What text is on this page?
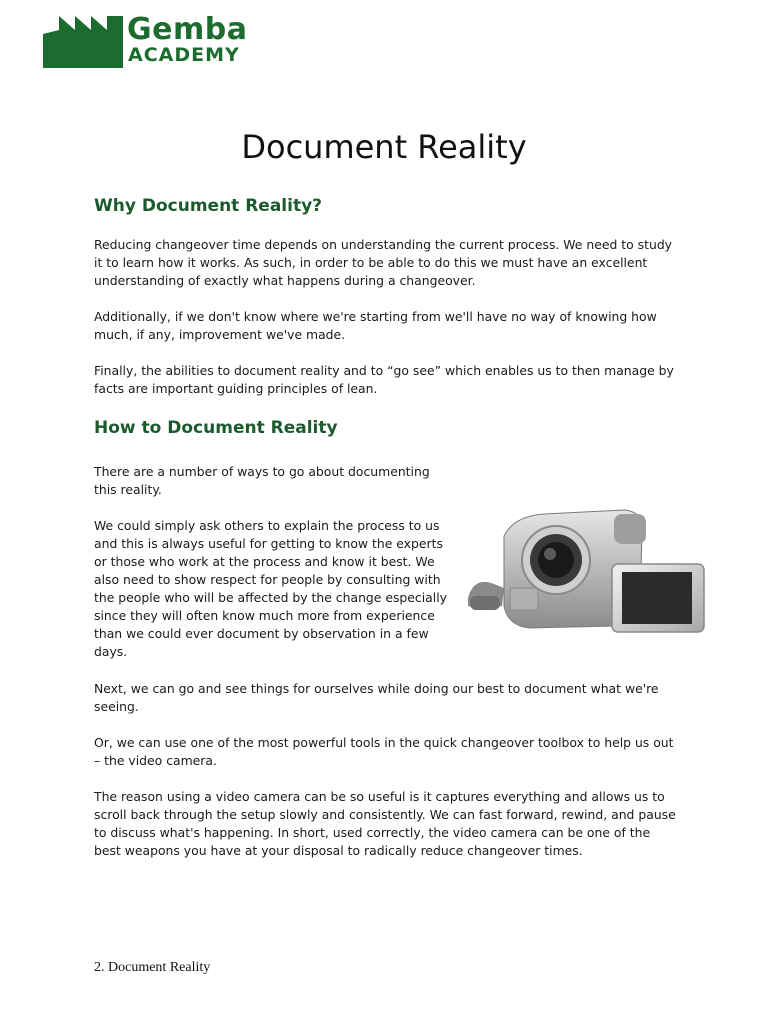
Gemba
ACADEMY
Document Reality
Why Document Reality?

Reducing changeover time depends on understanding the current process. We need to study it to learn how it works. As such, in order to be able to do this we must have an excellent understanding of exactly what happens during a changeover.

Additionally, if we don't know where we're starting from we'll have no way of knowing how much, if any, improvement we've made.

Finally, the abilities to document reality and to “go see” which enables us to then manage by facts are important guiding principles of lean.

How to Document Reality

There are a number of ways to go about documenting this reality.

We could simply ask others to explain the process to us and this is always useful for getting to know the experts or those who work at the process and know it best. We also need to show respect for people by consulting with the people who will be affected by the change especially since they will often know much more from experience than we could ever document by observation in a few days.

Next, we can go and see things for ourselves while doing our best to document what we're seeing.

Or, we can use one of the most powerful tools in the quick changeover toolbox to help us out – the video camera.

The reason using a video camera can be so useful is it captures everything and allows us to scroll back through the setup slowly and consistently. We can fast forward, rewind, and pause to discuss what's happening. In short, used correctly, the video camera can be one of the best weapons you have at your disposal to radically reduce changeover times.

2. Document Reality
